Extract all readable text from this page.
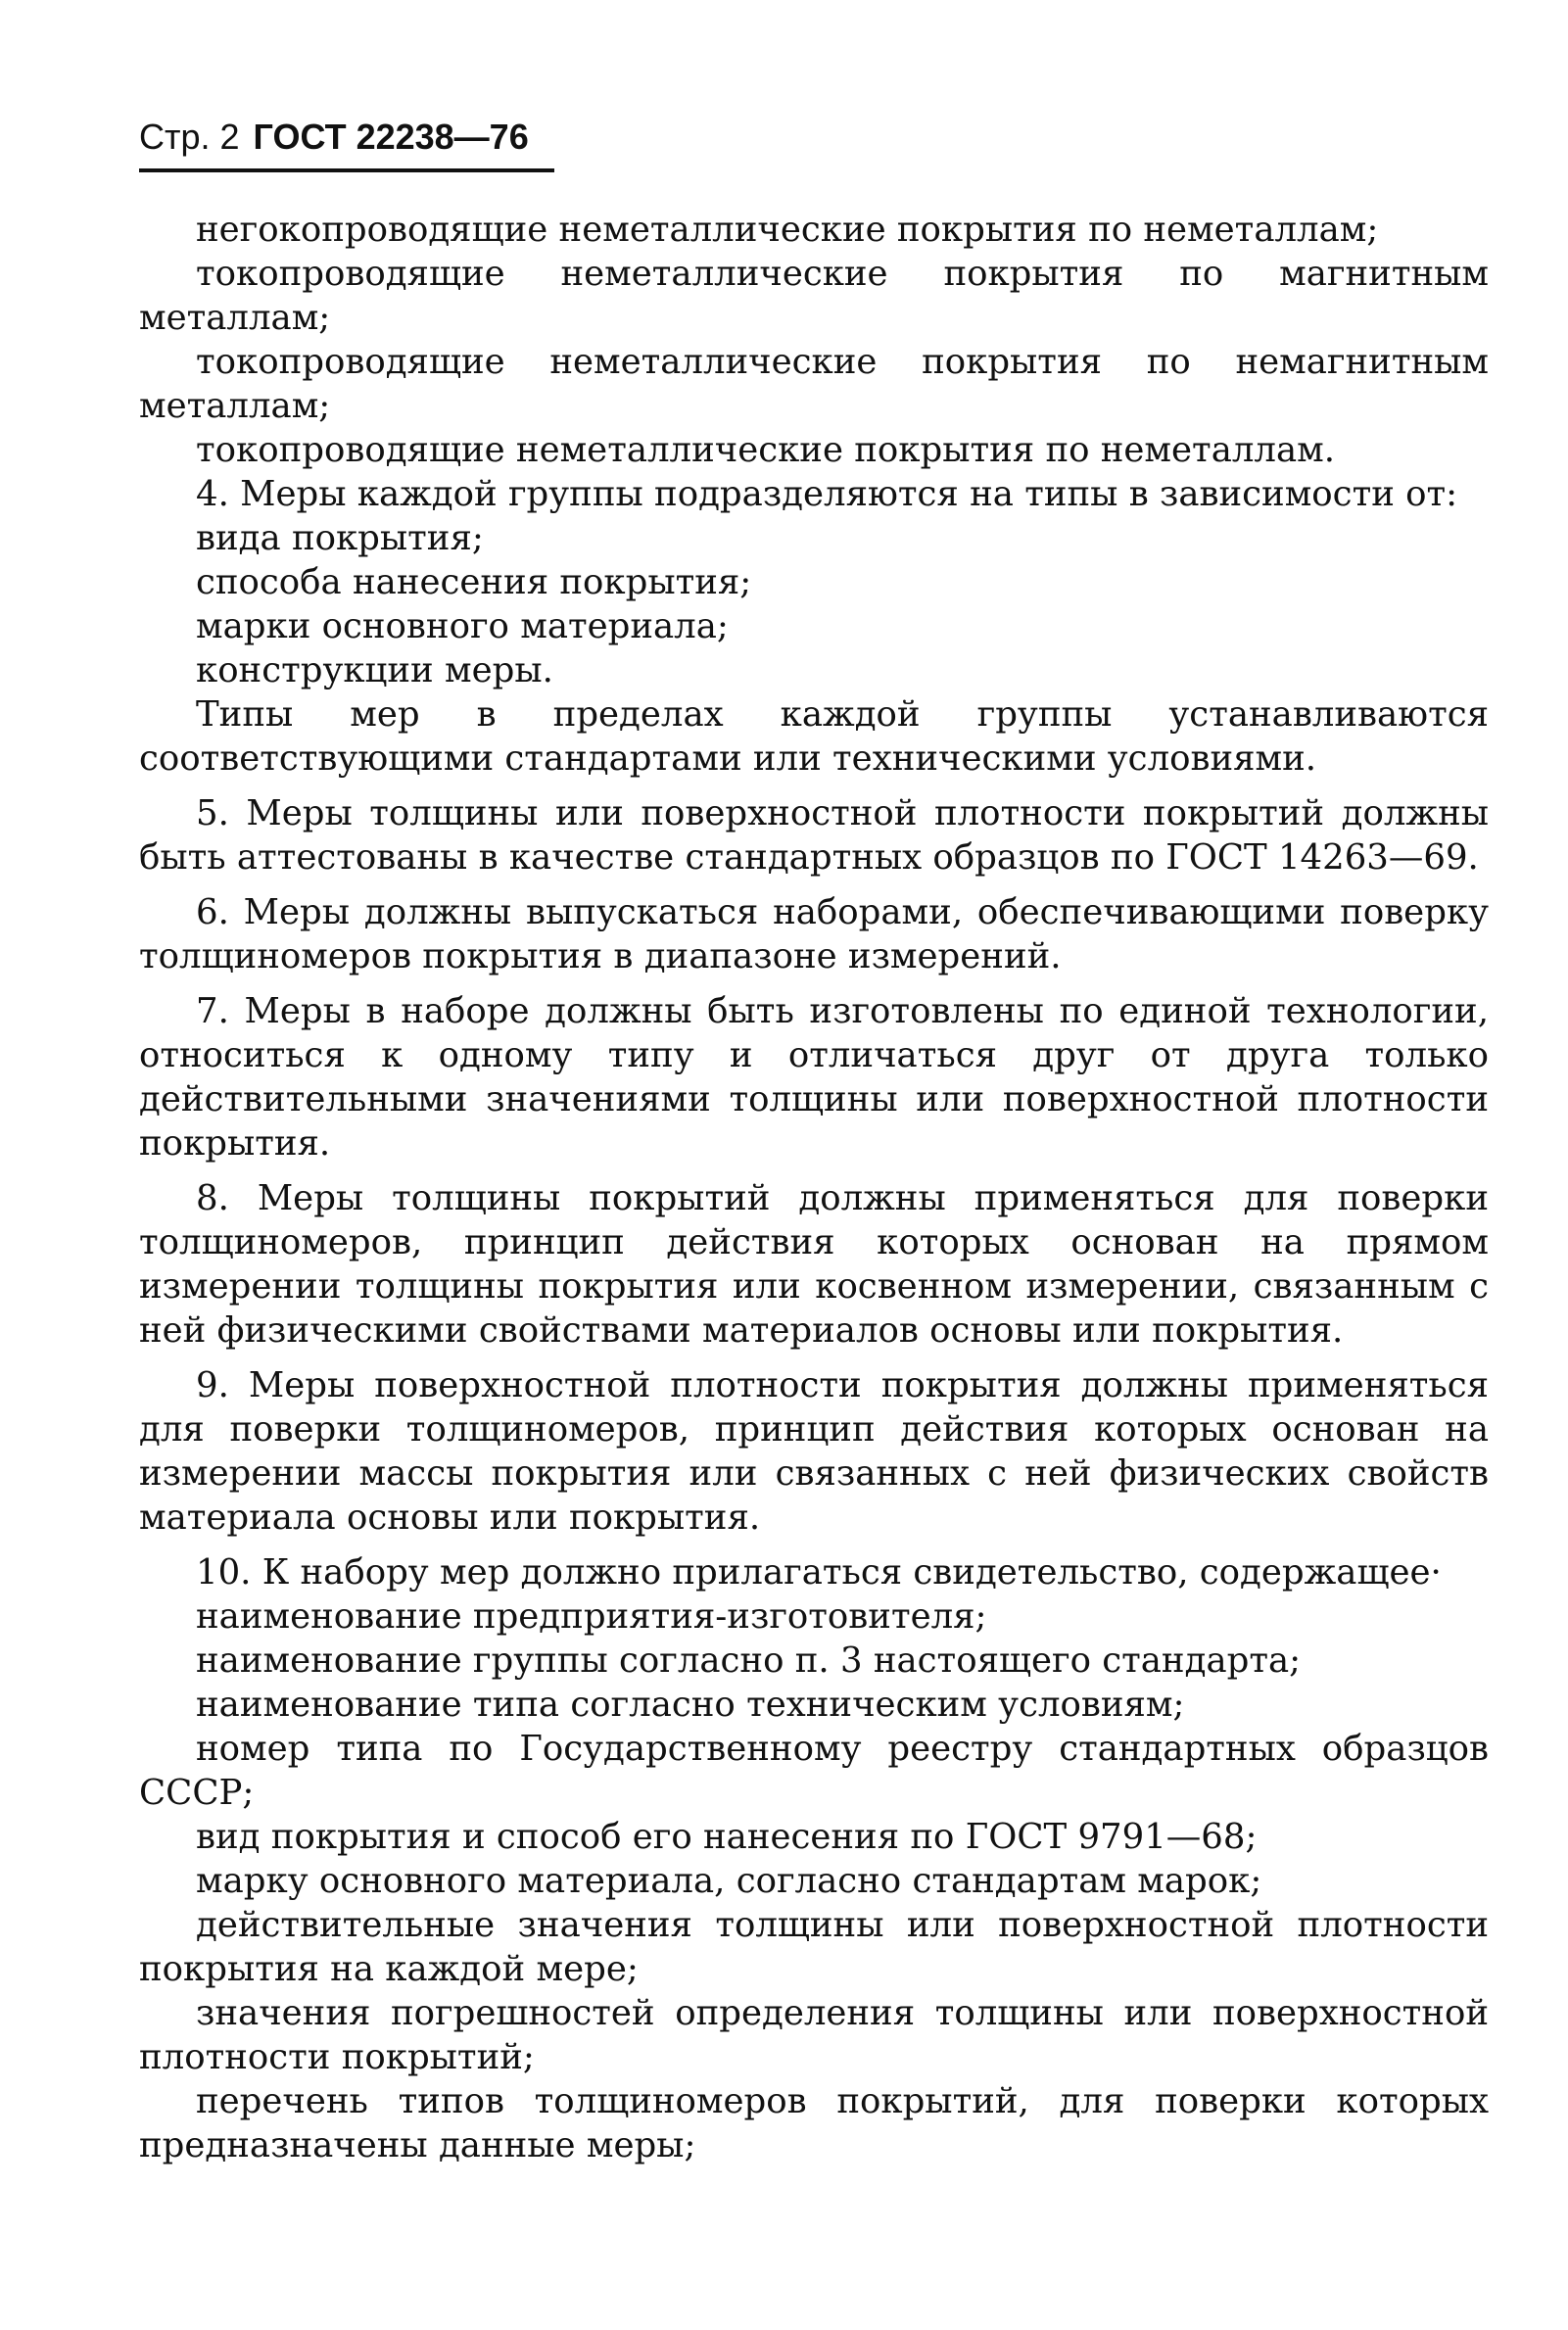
Стр. 2 ГОСТ 22238—76

негокопроводящие неметаллические покрытия по неметаллам;

токопроводящие неметаллические покрытия по магнитным металлам;

токопроводящие неметаллические покрытия по немагнитным металлам;

токопроводящие неметаллические покрытия по неметаллам.

4. Меры каждой группы подразделяются на типы в зависимости от:

вида покрытия;

способа нанесения покрытия;

марки основного материала;

конструкции меры.

Типы мер в пределах каждой группы устанавливаются соответствующими стандартами или техническими условиями.

5. Меры толщины или поверхностной плотности покрытий должны быть аттестованы в качестве стандартных образцов по ГОСТ 14263—69.

6. Меры должны выпускаться наборами, обеспечивающими поверку толщиномеров покрытия в диапазоне измерений.

7. Меры в наборе должны быть изготовлены по единой технологии, относиться к одному типу и отличаться друг от друга только действительными значениями толщины или поверхностной плотности покрытия.

8. Меры толщины покрытий должны применяться для поверки толщиномеров, принцип действия которых основан на прямом измерении толщины покрытия или косвенном измерении, связанным с ней физическими свойствами материалов основы или покрытия.

9. Меры поверхностной плотности покрытия должны применяться для поверки толщиномеров, принцип действия которых основан на измерении массы покрытия или связанных с ней физических свойств материала основы или покрытия.

10. К набору мер должно прилагаться свидетельство, содержащее·

наименование предприятия-изготовителя;

наименование группы согласно п. 3 настоящего стандарта;

наименование типа согласно техническим условиям;

номер типа по Государственному реестру стандартных образцов СССР;

вид покрытия и способ его нанесения по ГОСТ 9791—68;

марку основного материала, согласно стандартам марок;

действительные значения толщины или поверхностной плотности покрытия на каждой мере;

значения погрешностей определения толщины или поверхностной плотности покрытий;

перечень типов толщиномеров покрытий, для поверки которых предназначены данные меры;
